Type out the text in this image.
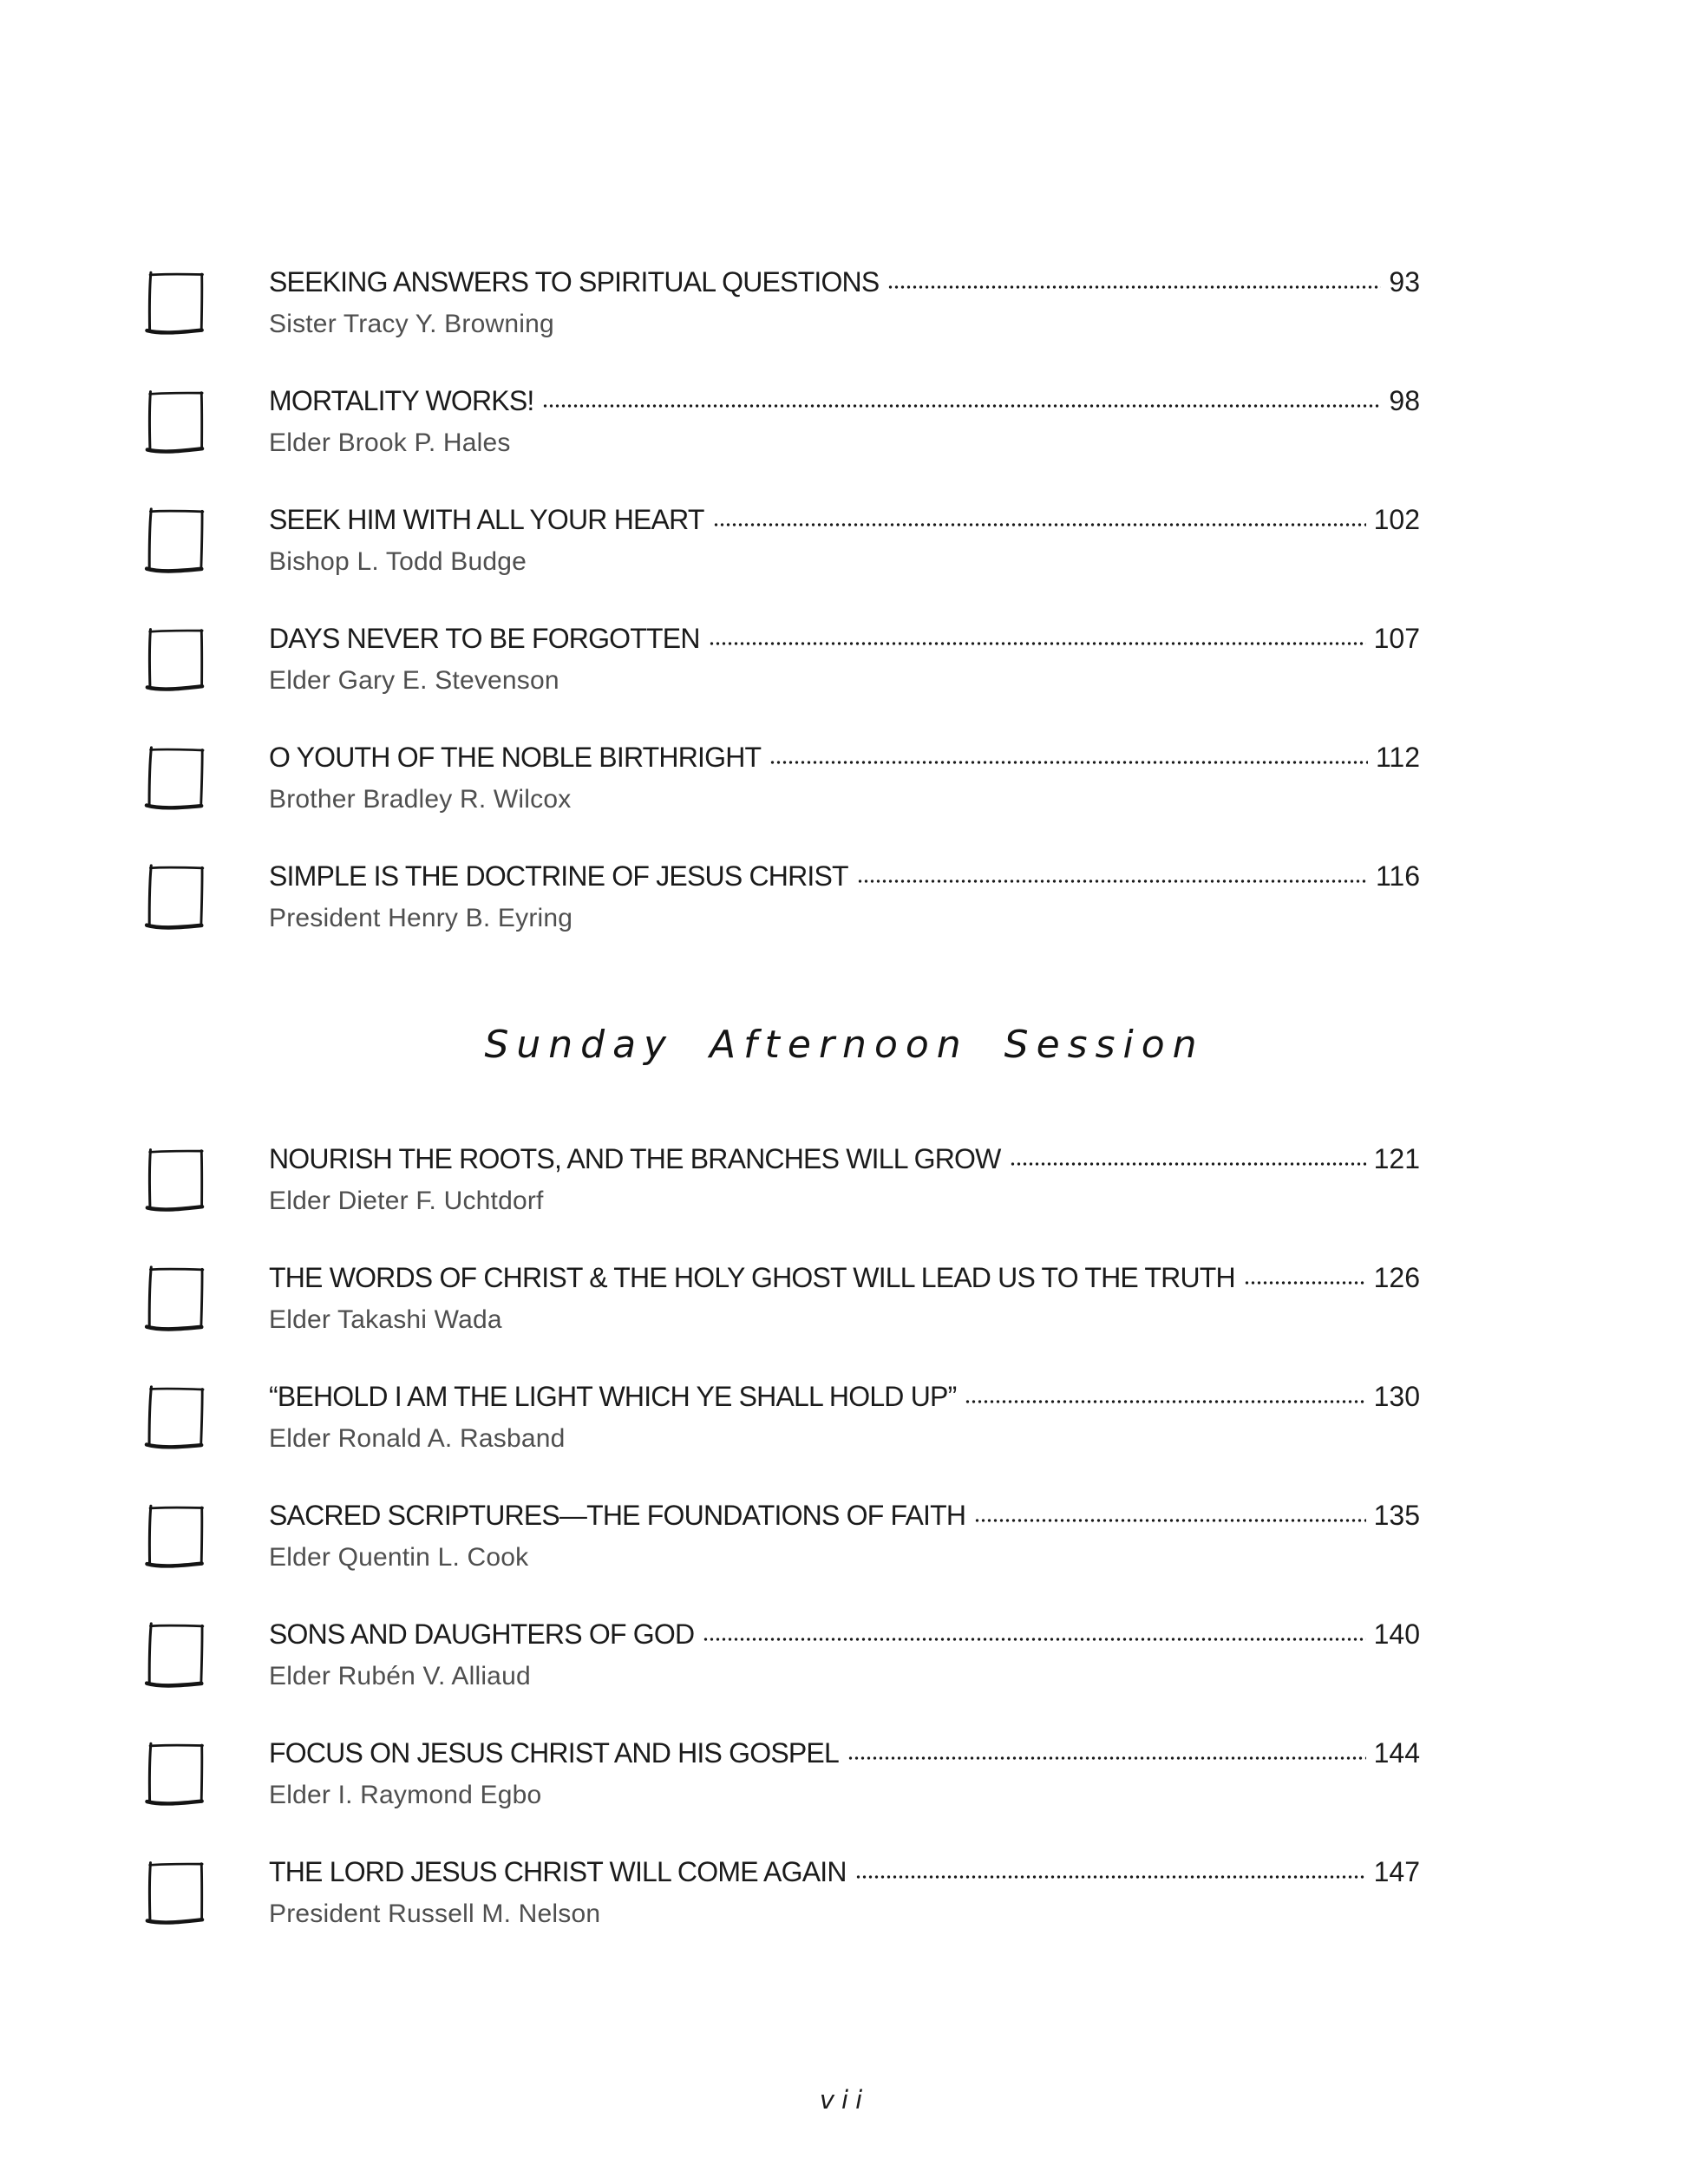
SEEKING ANSWERS TO SPIRITUAL QUESTIONS	93
Sister Tracy Y. Browning
MORTALITY WORKS!	98
Elder Brook P. Hales
SEEK HIM WITH ALL YOUR HEART	102
Bishop L. Todd Budge
DAYS NEVER TO BE FORGOTTEN	107
Elder Gary E. Stevenson
O YOUTH OF THE NOBLE BIRTHRIGHT	112
Brother Bradley R. Wilcox
SIMPLE IS THE DOCTRINE OF JESUS CHRIST	116
President Henry B. Eyring
Sunday Afternoon Session
NOURISH THE ROOTS, AND THE BRANCHES WILL GROW	121
Elder Dieter F. Uchtdorf
THE WORDS OF CHRIST & THE HOLY GHOST WILL LEAD US TO THE TRUTH	126
Elder Takashi Wada
“BEHOLD I AM THE LIGHT WHICH YE SHALL HOLD UP”	130
Elder Ronald A. Rasband
SACRED SCRIPTURES—THE FOUNDATIONS OF FAITH	135
Elder Quentin L. Cook
SONS AND DAUGHTERS OF GOD	140
Elder Rubén V. Alliaud
FOCUS ON JESUS CHRIST AND HIS GOSPEL	144
Elder I. Raymond Egbo
THE LORD JESUS CHRIST WILL COME AGAIN	147
President Russell M. Nelson
vii
